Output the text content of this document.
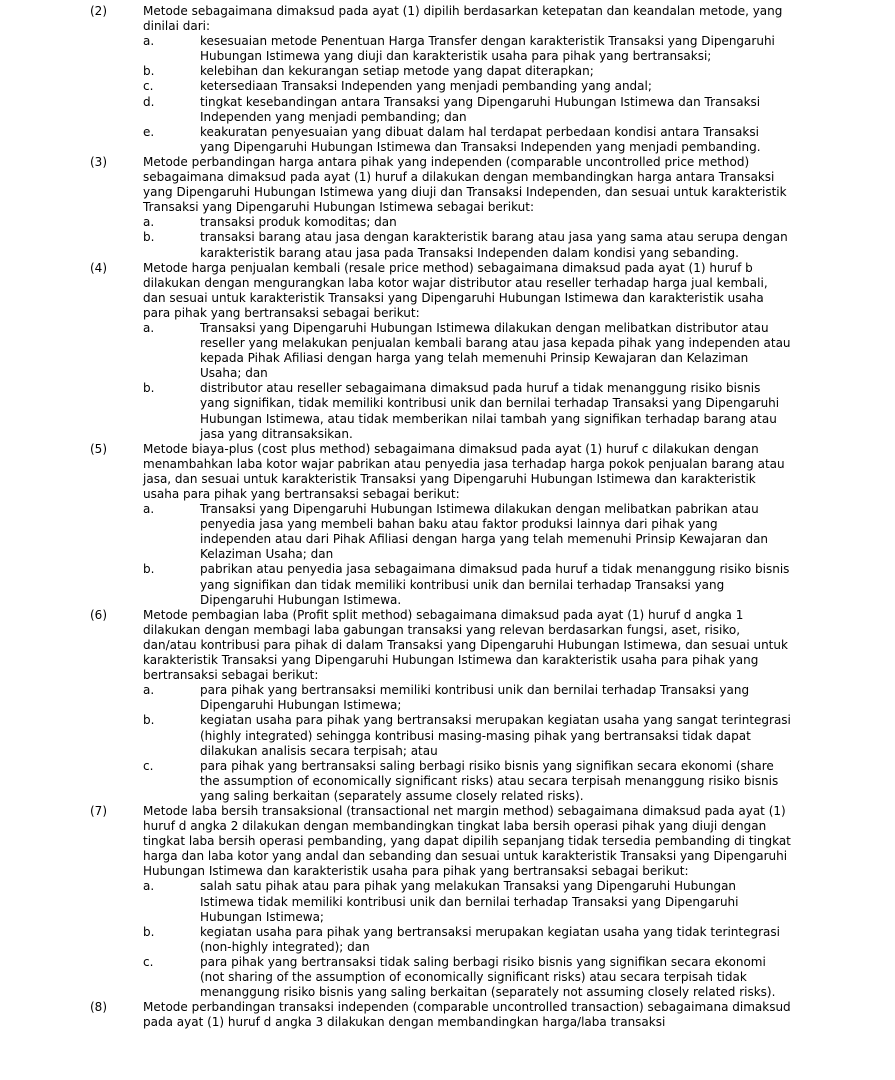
(2)	Metode sebagaimana dimaksud pada ayat (1) dipilih berdasarkan ketepatan dan keandalan metode, yang dinilai dari:
a.	kesesuaian metode Penentuan Harga Transfer dengan karakteristik Transaksi yang Dipengaruhi Hubungan Istimewa yang diuji dan karakteristik usaha para pihak yang bertransaksi;
b.	kelebihan dan kekurangan setiap metode yang dapat diterapkan;
c.	ketersediaan Transaksi Independen yang menjadi pembanding yang andal;
d.	tingkat kesebandingan antara Transaksi yang Dipengaruhi Hubungan Istimewa dan Transaksi Independen yang menjadi pembanding; dan
e.	keakuratan penyesuaian yang dibuat dalam hal terdapat perbedaan kondisi antara Transaksi yang Dipengaruhi Hubungan Istimewa dan Transaksi Independen yang menjadi pembanding.
(3)	Metode perbandingan harga antara pihak yang independen (comparable uncontrolled price method) sebagaimana dimaksud pada ayat (1) huruf a dilakukan dengan membandingkan harga antara Transaksi yang Dipengaruhi Hubungan Istimewa yang diuji dan Transaksi Independen, dan sesuai untuk karakteristik Transaksi yang Dipengaruhi Hubungan Istimewa sebagai berikut:
a.	transaksi produk komoditas; dan
b.	transaksi barang atau jasa dengan karakteristik barang atau jasa yang sama atau serupa dengan karakteristik barang atau jasa pada Transaksi Independen dalam kondisi yang sebanding.
(4)	Metode harga penjualan kembali (resale price method) sebagaimana dimaksud pada ayat (1) huruf b dilakukan dengan mengurangkan laba kotor wajar distributor atau reseller terhadap harga jual kembali, dan sesuai untuk karakteristik Transaksi yang Dipengaruhi Hubungan Istimewa dan karakteristik usaha para pihak yang bertransaksi sebagai berikut:
a.	Transaksi yang Dipengaruhi Hubungan Istimewa dilakukan dengan melibatkan distributor atau reseller yang melakukan penjualan kembali barang atau jasa kepada pihak yang independen atau kepada Pihak Afiliasi dengan harga yang telah memenuhi Prinsip Kewajaran dan Kelaziman Usaha; dan
b.	distributor atau reseller sebagaimana dimaksud pada huruf a tidak menanggung risiko bisnis yang signifikan, tidak memiliki kontribusi unik dan bernilai terhadap Transaksi yang Dipengaruhi Hubungan Istimewa, atau tidak memberikan nilai tambah yang signifikan terhadap barang atau jasa yang ditransaksikan.
(5)	Metode biaya-plus (cost plus method) sebagaimana dimaksud pada ayat (1) huruf c dilakukan dengan menambahkan laba kotor wajar pabrikan atau penyedia jasa terhadap harga pokok penjualan barang atau jasa, dan sesuai untuk karakteristik Transaksi yang Dipengaruhi Hubungan Istimewa dan karakteristik usaha para pihak yang bertransaksi sebagai berikut:
a.	Transaksi yang Dipengaruhi Hubungan Istimewa dilakukan dengan melibatkan pabrikan atau penyedia jasa yang membeli bahan baku atau faktor produksi lainnya dari pihak yang independen atau dari Pihak Afiliasi dengan harga yang telah memenuhi Prinsip Kewajaran dan Kelaziman Usaha; dan
b.	pabrikan atau penyedia jasa sebagaimana dimaksud pada huruf a tidak menanggung risiko bisnis yang signifikan dan tidak memiliki kontribusi unik dan bernilai terhadap Transaksi yang Dipengaruhi Hubungan Istimewa.
(6)	Metode pembagian laba (Profit split method) sebagaimana dimaksud pada ayat (1) huruf d angka 1 dilakukan dengan membagi laba gabungan transaksi yang relevan berdasarkan fungsi, aset, risiko, dan/atau kontribusi para pihak di dalam Transaksi yang Dipengaruhi Hubungan Istimewa, dan sesuai untuk karakteristik Transaksi yang Dipengaruhi Hubungan Istimewa dan karakteristik usaha para pihak yang bertransaksi sebagai berikut:
a.	para pihak yang bertransaksi memiliki kontribusi unik dan bernilai terhadap Transaksi yang Dipengaruhi Hubungan Istimewa;
b.	kegiatan usaha para pihak yang bertransaksi merupakan kegiatan usaha yang sangat terintegrasi (highly integrated) sehingga kontribusi masing-masing pihak yang bertransaksi tidak dapat dilakukan analisis secara terpisah; atau
c.	para pihak yang bertransaksi saling berbagi risiko bisnis yang signifikan secara ekonomi (share the assumption of economically significant risks) atau secara terpisah menanggung risiko bisnis yang saling berkaitan (separately assume closely related risks).
(7)	Metode laba bersih transaksional (transactional net margin method) sebagaimana dimaksud pada ayat (1) huruf d angka 2 dilakukan dengan membandingkan tingkat laba bersih operasi pihak yang diuji dengan tingkat laba bersih operasi pembanding, yang dapat dipilih sepanjang tidak tersedia pembanding di tingkat harga dan laba kotor yang andal dan sebanding dan sesuai untuk karakteristik Transaksi yang Dipengaruhi Hubungan Istimewa dan karakteristik usaha para pihak yang bertransaksi sebagai berikut:
a.	salah satu pihak atau para pihak yang melakukan Transaksi yang Dipengaruhi Hubungan Istimewa tidak memiliki kontribusi unik dan bernilai terhadap Transaksi yang Dipengaruhi Hubungan Istimewa;
b.	kegiatan usaha para pihak yang bertransaksi merupakan kegiatan usaha yang tidak terintegrasi (non-highly integrated); dan
c.	para pihak yang bertransaksi tidak saling berbagi risiko bisnis yang signifikan secara ekonomi (not sharing of the assumption of economically significant risks) atau secara terpisah tidak menanggung risiko bisnis yang saling berkaitan (separately not assuming closely related risks).
(8)	Metode perbandingan transaksi independen (comparable uncontrolled transaction) sebagaimana dimaksud pada ayat (1) huruf d angka 3 dilakukan dengan membandingkan harga/laba transaksi
